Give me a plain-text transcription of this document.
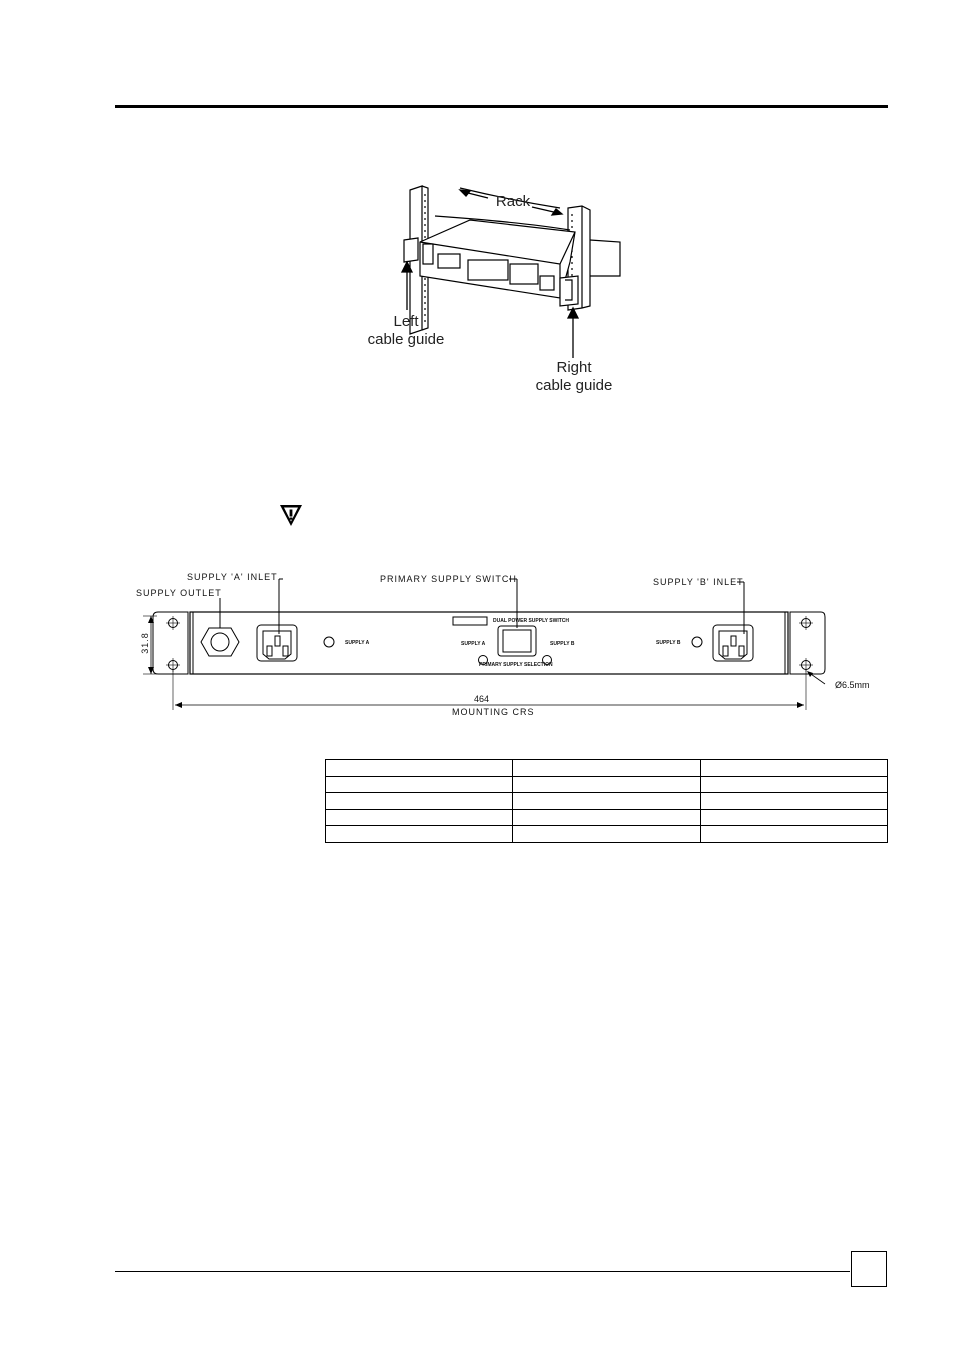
Rack
Left
cable guide
Right
cable guide
SUPPLY OUTLET
SUPPLY 'A' INLET	PRIMARY SUPPLY SWITCH	SUPPLY 'B' INLET
31.8
464
MOUNTING CRS
Ø6.5mm
DUAL POWER SUPPLY SWITCH
SUPPLY A	SUPPLY B
SUPPLY A	SUPPLY B
PRIMARY SUPPLY SELECTION
